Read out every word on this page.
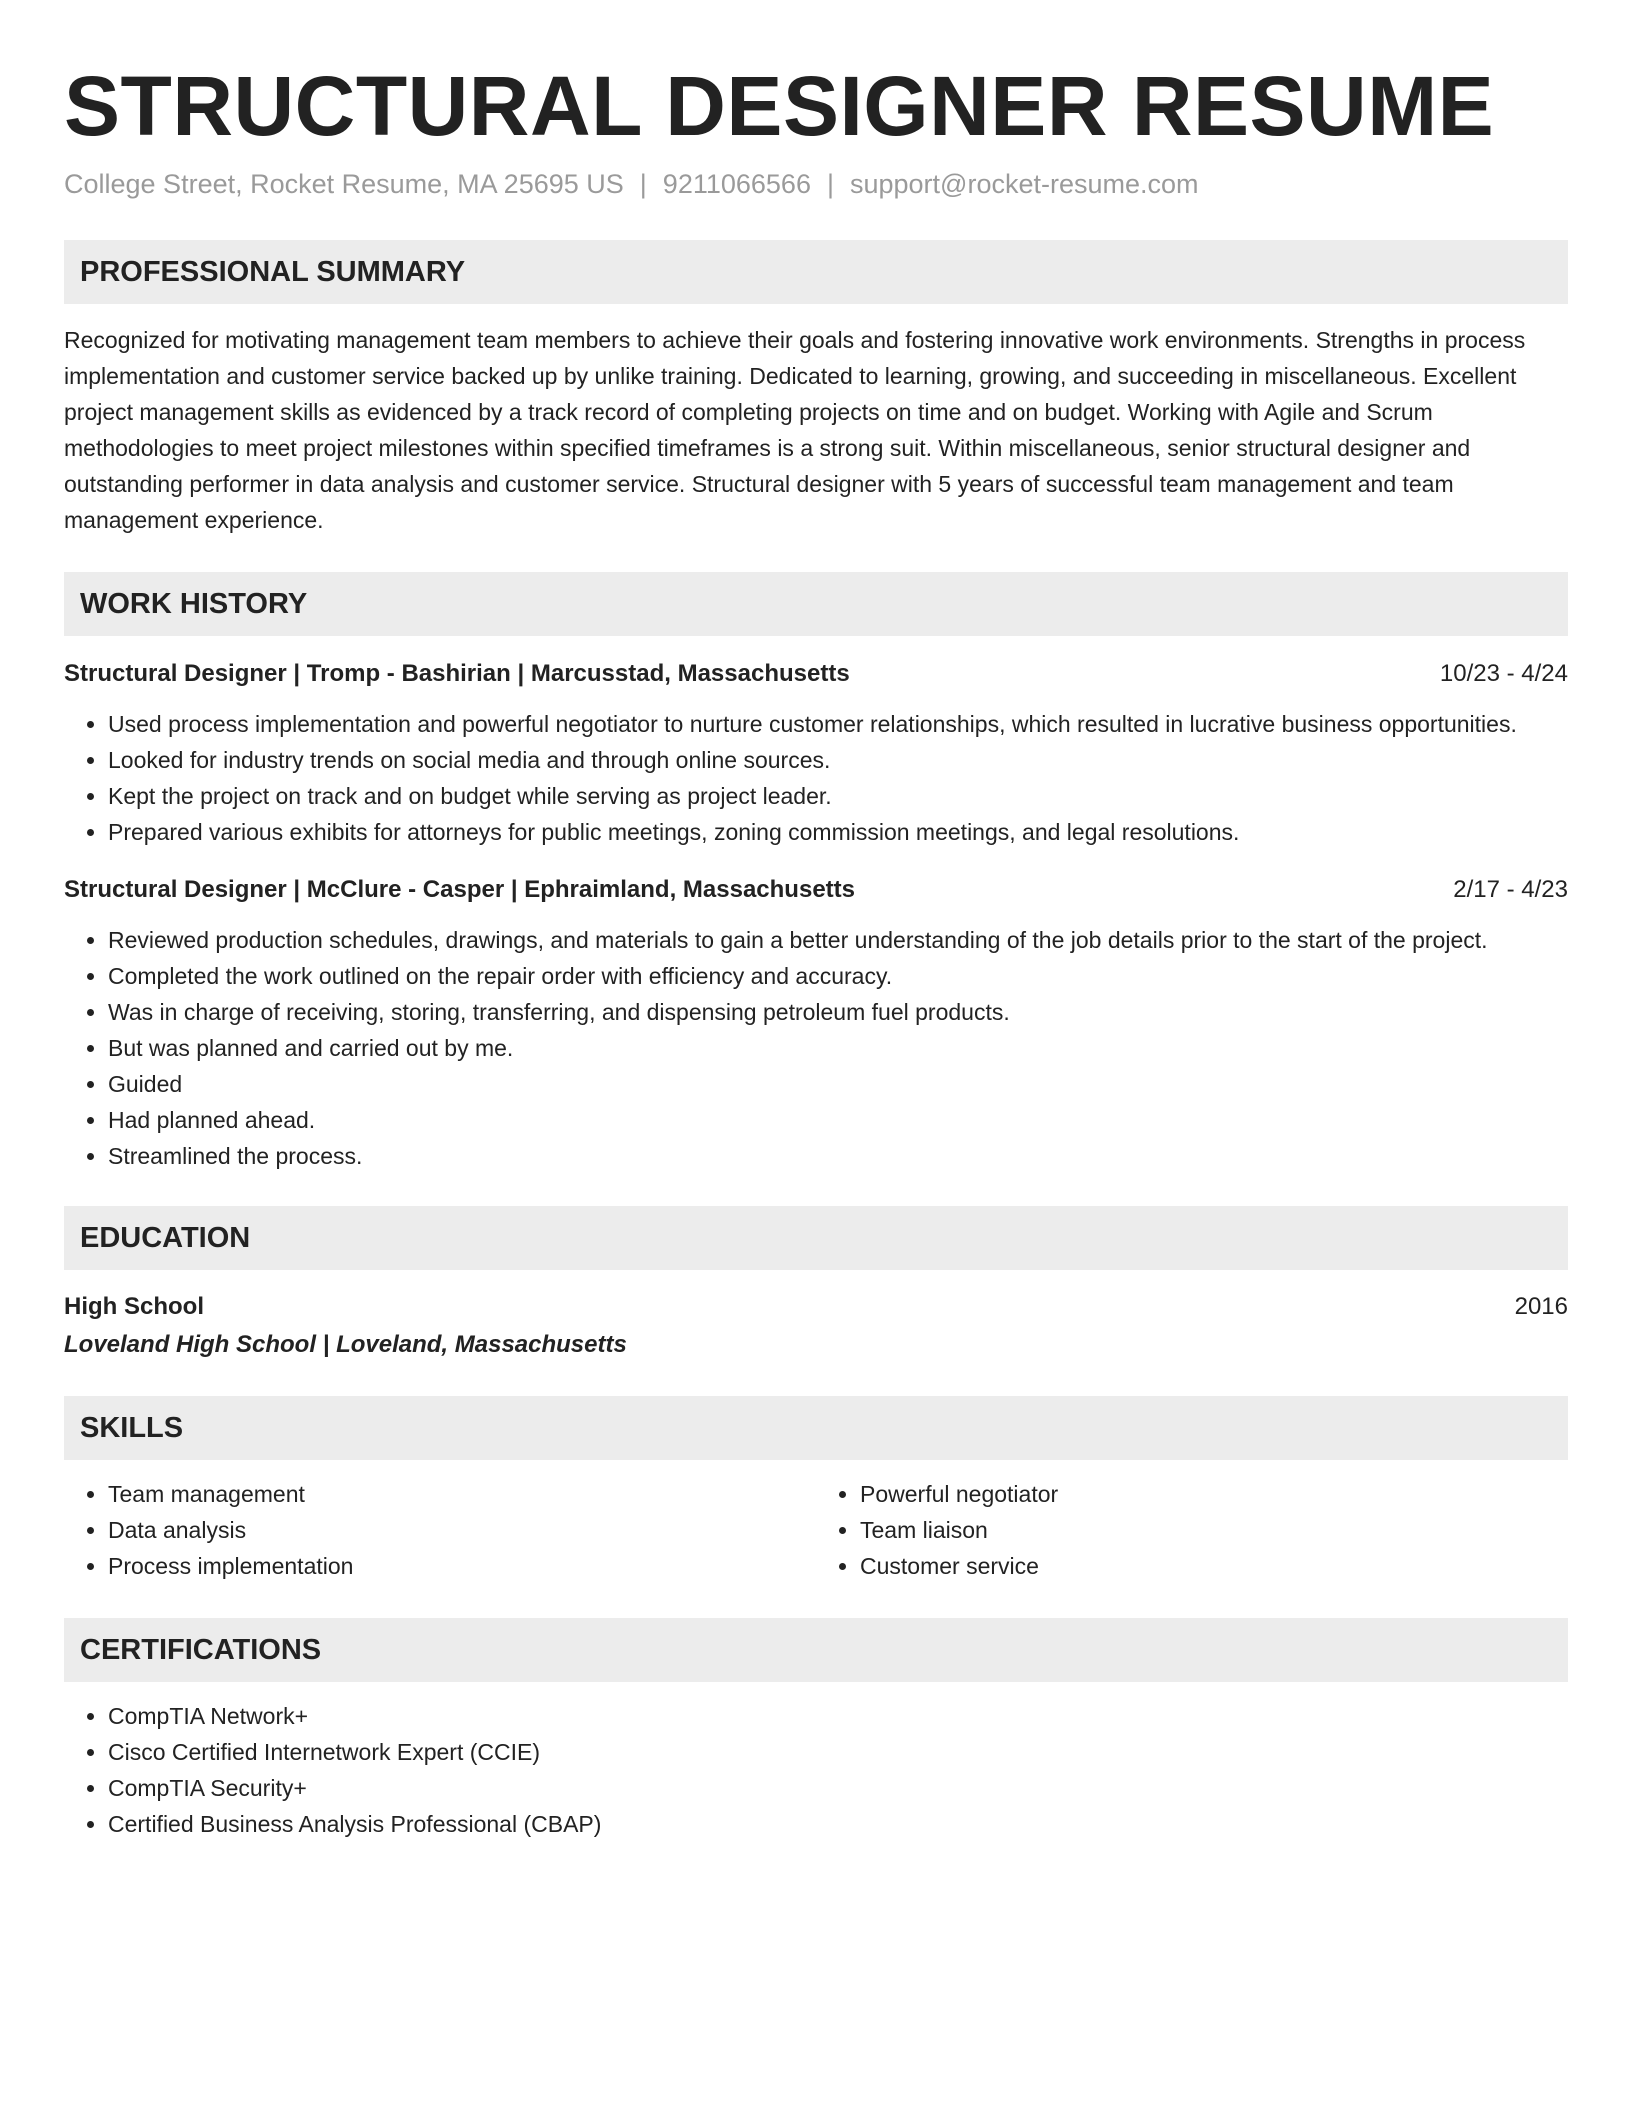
STRUCTURAL DESIGNER RESUME
College Street, Rocket Resume, MA 25695 US | 9211066566 | support@rocket-resume.com
PROFESSIONAL SUMMARY

Recognized for motivating management team members to achieve their goals and fostering innovative work environments. Strengths in process implementation and customer service backed up by unlike training. Dedicated to learning, growing, and succeeding in miscellaneous. Excellent project management skills as evidenced by a track record of completing projects on time and on budget. Working with Agile and Scrum methodologies to meet project milestones within specified timeframes is a strong suit. Within miscellaneous, senior structural designer and outstanding performer in data analysis and customer service. Structural designer with 5 years of successful team management and team management experience.

WORK HISTORY
Structural Designer | Tromp - Bashirian | Marcusstad, Massachusetts	10/23 - 4/24
• Used process implementation and powerful negotiator to nurture customer relationships, which resulted in lucrative business opportunities.
• Looked for industry trends on social media and through online sources.
• Kept the project on track and on budget while serving as project leader.
• Prepared various exhibits for attorneys for public meetings, zoning commission meetings, and legal resolutions.
Structural Designer | McClure - Casper | Ephraimland, Massachusetts	2/17 - 4/23
• Reviewed production schedules, drawings, and materials to gain a better understanding of the job details prior to the start of the project.
• Completed the work outlined on the repair order with efficiency and accuracy.
• Was in charge of receiving, storing, transferring, and dispensing petroleum fuel products.
• But was planned and carried out by me.
• Guided
• Had planned ahead.
• Streamlined the process.
EDUCATION
High School	2016
Loveland High School | Loveland, Massachusetts
SKILLS
• Team management
• Data analysis
• Process implementation
• Powerful negotiator
• Team liaison
• Customer service
CERTIFICATIONS
• CompTIA Network+
• Cisco Certified Internetwork Expert (CCIE)
• CompTIA Security+
• Certified Business Analysis Professional (CBAP)
